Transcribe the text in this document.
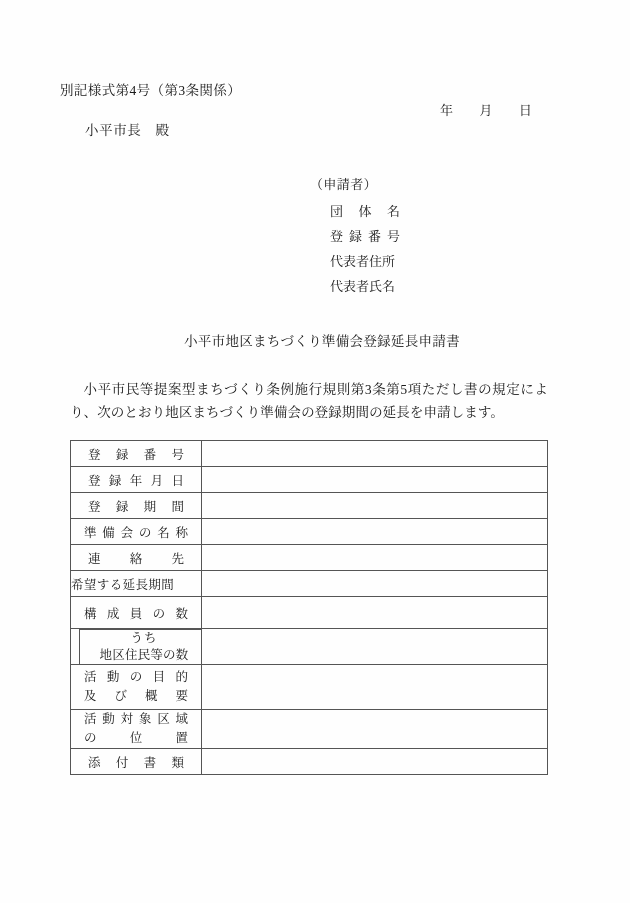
別記様式第4号（第3条関係）
年 月 日
小平市長　殿
（申請者）
団 体 名
登 録 番 号
代表者住所
代表者氏名
小平市地区まちづくり準備会登録延長申請書
小平市民等提案型まちづくり条例施行規則第3条第5項ただし書の規定により、次のとおり地区まちづくり準備会の登録期間の延長を申請します。
登 録 番 号	

登 録 年 月 日	

登 録 期 間	

準 備 会 の 名 称

連 絡 先	

希望する延長期間	

構 成 員 の 数	

うち
地区住民等の数	

活 動 の 目 的
及 び 概 要

活 動 対 象 区 域
の	位	置

添 付 書 類	
